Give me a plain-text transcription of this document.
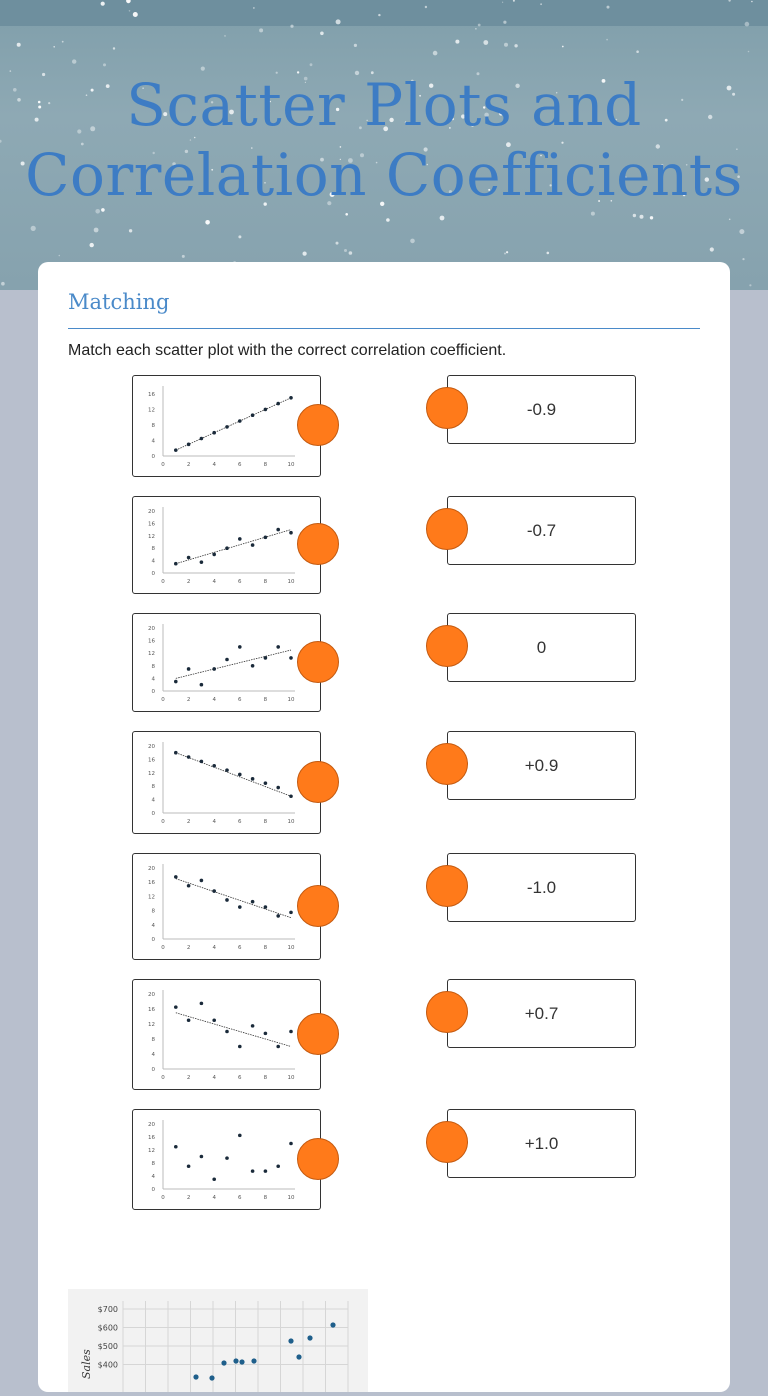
Scatter Plots and Correlation Coefficients
Matching
Match each scatter plot with the correct correlation coefficient.
0
4
8
12
16
0	2	4	6	8	10
0
4
8
12
16
20
0	2	4	6	8	10
0
4
8
12
16
20
0	2	4	6	8	10
0
4
8
12
16
20
0	2	4	6	8	10
0
4
8
12
16
20
0	2	4	6	8	10
0
4
8
12
16
20
0	2	4	6	8	10
0
4
8
12
16
20
0	2	4	6	8	10
-0.9
-0.7
0
+0.9
-1.0
+0.7
+1.0
$700
$600
$500
$400
Sales
